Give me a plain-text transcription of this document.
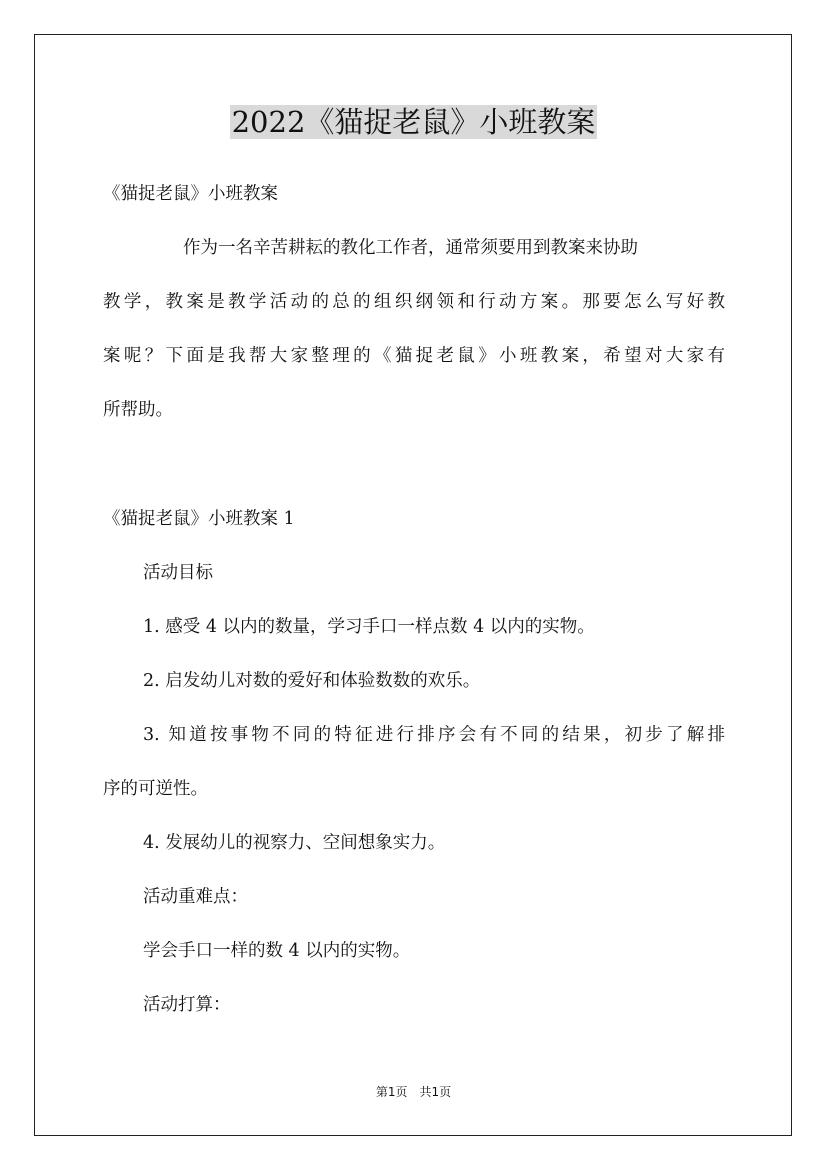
2022《猫捉老鼠》小班教案
《猫捉老鼠》小班教案
作为一名辛苦耕耘的教化工作者，通常须要用到教案来协助
教学，教案是教学活动的总的组织纲领和行动方案。那要怎么写好教
案呢？下面是我帮大家整理的《猫捉老鼠》小班教案，希望对大家有
所帮助。
《猫捉老鼠》小班教案 1
活动目标
1. 感受 4 以内的数量，学习手口一样点数 4 以内的实物。
2. 启发幼儿对数的爱好和体验数数的欢乐。
3. 知道按事物不同的特征进行排序会有不同的结果，初步了解排
序的可逆性。
4. 发展幼儿的视察力、空间想象实力。
活动重难点：
学会手口一样的数 4 以内的实物。
活动打算：
第1页　共1页
